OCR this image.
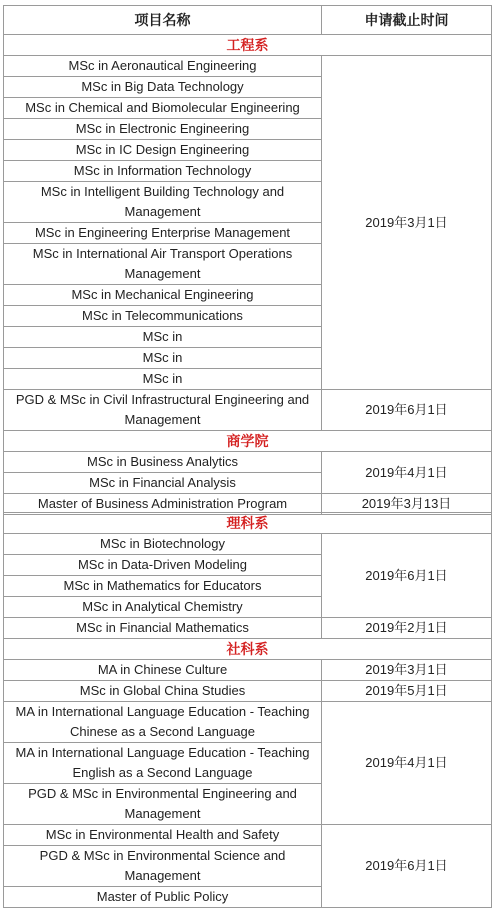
项目名称	申请截止时间
工程系	
MSc in Aeronautical Engineering	2019年3月1日
MSc in Big Data Technology	
MSc in Chemical and Biomolecular Engineering	
MSc in Electronic Engineering	
MSc in IC Design Engineering	
MSc in Information Technology	
MSc in Intelligent Building Technology and Management	
MSc in Engineering Enterprise Management	
MSc in International Air Transport Operations Management	
MSc in Mechanical Engineering	
MSc in Telecommunications	
MSc in	
MSc in	
MSc in	
PGD & MSc in Civil Infrastructural Engineering and Management	2019年6月1日
商学院	
MSc in Business Analytics	2019年4月1日
MSc in Financial Analysis	
Master of Business Administration Program	2019年3月13日
理科系	
MSc in Biotechnology	2019年6月1日
MSc in Data-Driven Modeling	
MSc in Mathematics for Educators	
MSc in Analytical Chemistry	
MSc in Financial Mathematics	2019年2月1日
社科系	
MA in Chinese Culture	2019年3月1日
MSc in Global China Studies	2019年5月1日
MA in International Language Education - Teaching Chinese as a Second Language	2019年4月1日
MA in International Language Education - Teaching English as a Second Language	
PGD & MSc in Environmental Engineering and Management	
MSc in Environmental Health and Safety	2019年6月1日
PGD & MSc in Environmental Science and Management	
Master of Public Policy	
